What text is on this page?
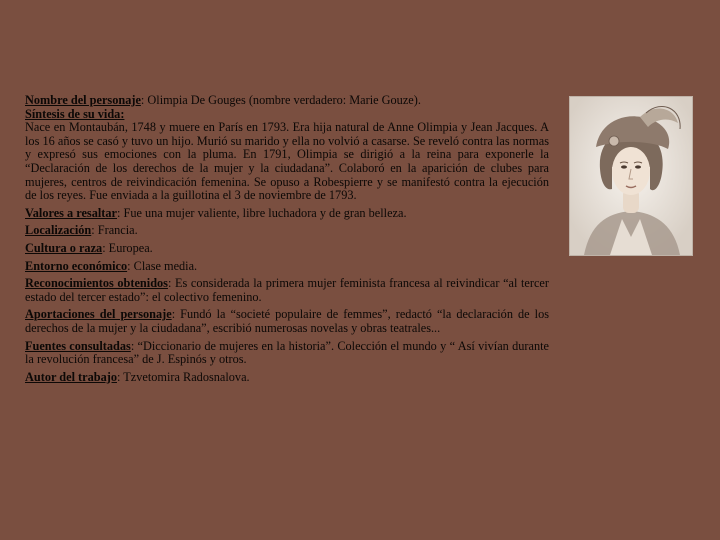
Nombre del personaje: Olimpia De Gouges (nombre verdadero: Marie Gouze).

Síntesis de su vida:

Nace en Montaubán, 1748 y muere en París en 1793. Era hija natural de Anne Olimpia y Jean Jacques. A los 16 años se casó y tuvo un hijo. Murió su marido y ella no volvió a casarse. Se reveló contra las normas y expresó sus emociones con la pluma. En 1791, Olimpia se dirigió a la reina para exponerle la “Declaración de los derechos de la mujer y la ciudadana”. Colaboró en la aparición de clubes para mujeres, centros de reivindicación femenina. Se opuso a Robespierre y se manifestó contra la ejecución de los reyes. Fue enviada a la guillotina el 3 de noviembre de 1793.

Valores a resaltar: Fue una mujer valiente, libre luchadora y de gran belleza.

Localización: Francia.

Cultura o raza: Europea.

Entorno económico: Clase media.

Reconocimientos obtenidos: Es considerada la primera mujer feminista francesa al reivindicar “al tercer estado del tercer estado”: el colectivo femenino.

Aportaciones del personaje: Fundó la “societé populaire de femmes”, redactó “la declaración de los derechos de la mujer y la ciudadana”, escribió numerosas novelas y obras teatrales...

Fuentes consultadas: “Diccionario de mujeres en la historia”. Colección el mundo y “ Así vivían durante la revolución francesa” de J. Espinós y otros.

Autor del trabajo: Tzvetomira Radosnalova.
